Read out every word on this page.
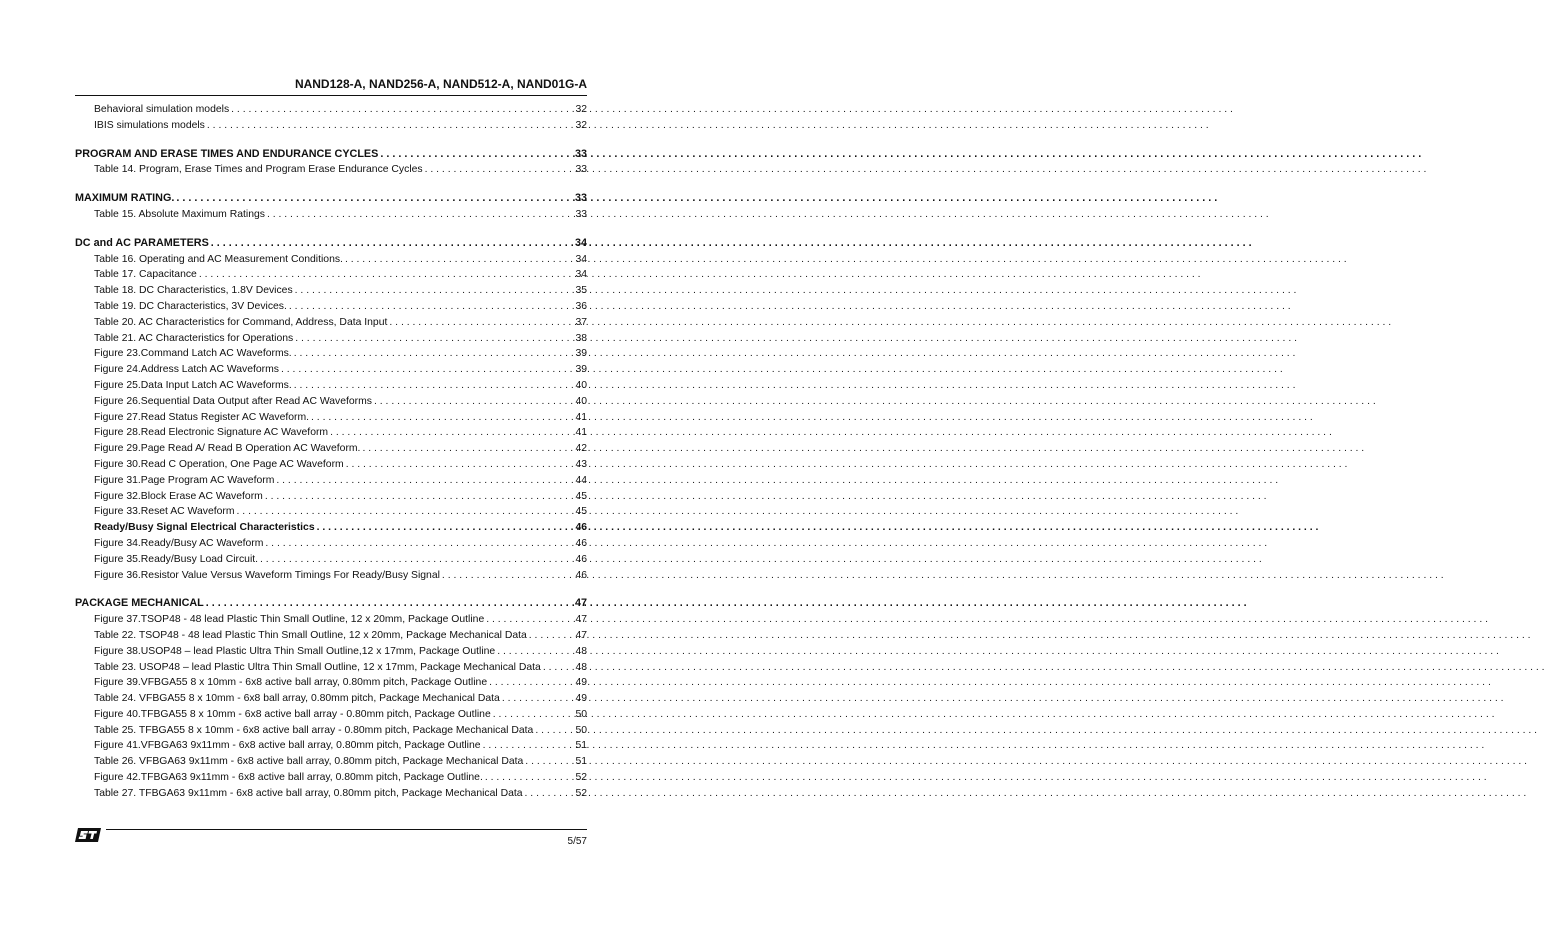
NAND128-A, NAND256-A, NAND512-A, NAND01G-A
Behavioral simulation models . . .	32
IBIS simulations models . . .	32
PROGRAM AND ERASE TIMES AND ENDURANCE CYCLES . . .	33
Table 14. Program, Erase Times and Program Erase Endurance Cycles . . .	33
MAXIMUM RATING. . . .	33
Table 15. Absolute Maximum Ratings . . .	33
DC and AC PARAMETERS . . .	34
Table 16. Operating and AC Measurement Conditions. . . .	34
Table 17. Capacitance . . .	34
Table 18. DC Characteristics, 1.8V Devices . . .	35
Table 19. DC Characteristics, 3V Devices. . . .	36
Table 20. AC Characteristics for Command, Address, Data Input . . .	37
Table 21. AC Characteristics for Operations . . .	38
Figure 23.Command Latch AC Waveforms. . . .	39
Figure 24.Address Latch AC Waveforms . . .	39
Figure 25.Data Input Latch AC Waveforms. . . .	40
Figure 26.Sequential Data Output after Read AC Waveforms . . .	40
Figure 27.Read Status Register AC Waveform. . . .	41
Figure 28.Read Electronic Signature AC Waveform . . .	41
Figure 29.Page Read A/ Read B Operation AC Waveform. . . .	42
Figure 30.Read C Operation, One Page AC Waveform . . .	43
Figure 31.Page Program AC Waveform . . .	44
Figure 32.Block Erase AC Waveform . . .	45
Figure 33.Reset AC Waveform . . .	45
Ready/Busy Signal Electrical Characteristics . . .	46
Figure 34.Ready/Busy AC Waveform . . .	46
Figure 35.Ready/Busy Load Circuit. . . .	46
Figure 36.Resistor Value Versus Waveform Timings For Ready/Busy Signal . . .	46
PACKAGE MECHANICAL . . .	47
Figure 37.TSOP48 - 48 lead Plastic Thin Small Outline, 12 x 20mm, Package Outline . . .	47
Table 22. TSOP48 - 48 lead Plastic Thin Small Outline, 12 x 20mm, Package Mechanical Data . . .	47
Figure 38.USOP48 – lead Plastic Ultra Thin Small Outline,12 x 17mm, Package Outline . . .	48
Table 23. USOP48 – lead Plastic Ultra Thin Small Outline, 12 x 17mm, Package Mechanical Data . . .	48
Figure 39.VFBGA55 8 x 10mm - 6x8 active ball array, 0.80mm pitch, Package Outline . . .	49
Table 24. VFBGA55 8 x 10mm - 6x8 ball array, 0.80mm pitch, Package Mechanical Data . . .	49
Figure 40.TFBGA55 8 x 10mm - 6x8 active ball array - 0.80mm pitch, Package Outline . . .	50
Table 25. TFBGA55 8 x 10mm - 6x8 active ball array - 0.80mm pitch, Package Mechanical Data . . .	50
Figure 41.VFBGA63 9x11mm - 6x8 active ball array, 0.80mm pitch, Package Outline . . .	51
Table 26. VFBGA63 9x11mm - 6x8 active ball array, 0.80mm pitch, Package Mechanical Data . . .	51
Figure 42.TFBGA63 9x11mm - 6x8 active ball array, 0.80mm pitch, Package Outline. . . .	52
Table 27. TFBGA63 9x11mm - 6x8 active ball array, 0.80mm pitch, Package Mechanical Data . . .	52
5/57
